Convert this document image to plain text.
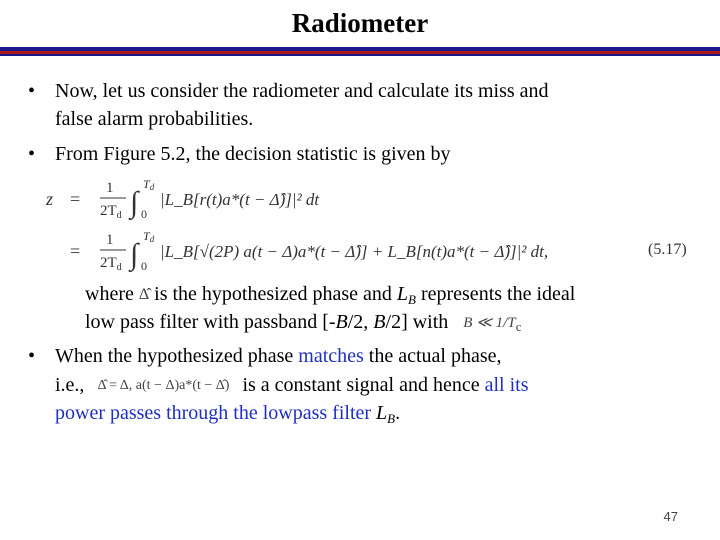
Radiometer
• Now, let us consider the radiometer and calculate its miss and
false alarm probabilities.
• From Figure 5.2, the decision statistic is given by
z =
1
$2T_d$ ∫
Td
0
|L_B[r(t)a*(t − Δ̂)]|² dt
=
1
$2T_d$ ∫
Td
0
|L_B[√(2P) a(t − Δ)a*(t − Δ̂)] + L_B[n(t)a*(t − Δ̂)]|² dt,	(5.17)
where Δ̂ is the hypothesized phase and $L_B$ represents the ideal
low pass filter with passband [-B/2, B/2] with B ≪ $1/T_c$
• When the hypothesized phase matches the actual phase,
i.e., Δ̂ = Δ, a(t − Δ)a*(t − Δ̂) is a constant signal and hence all its
power passes through the lowpass filter $L_B$.
47
